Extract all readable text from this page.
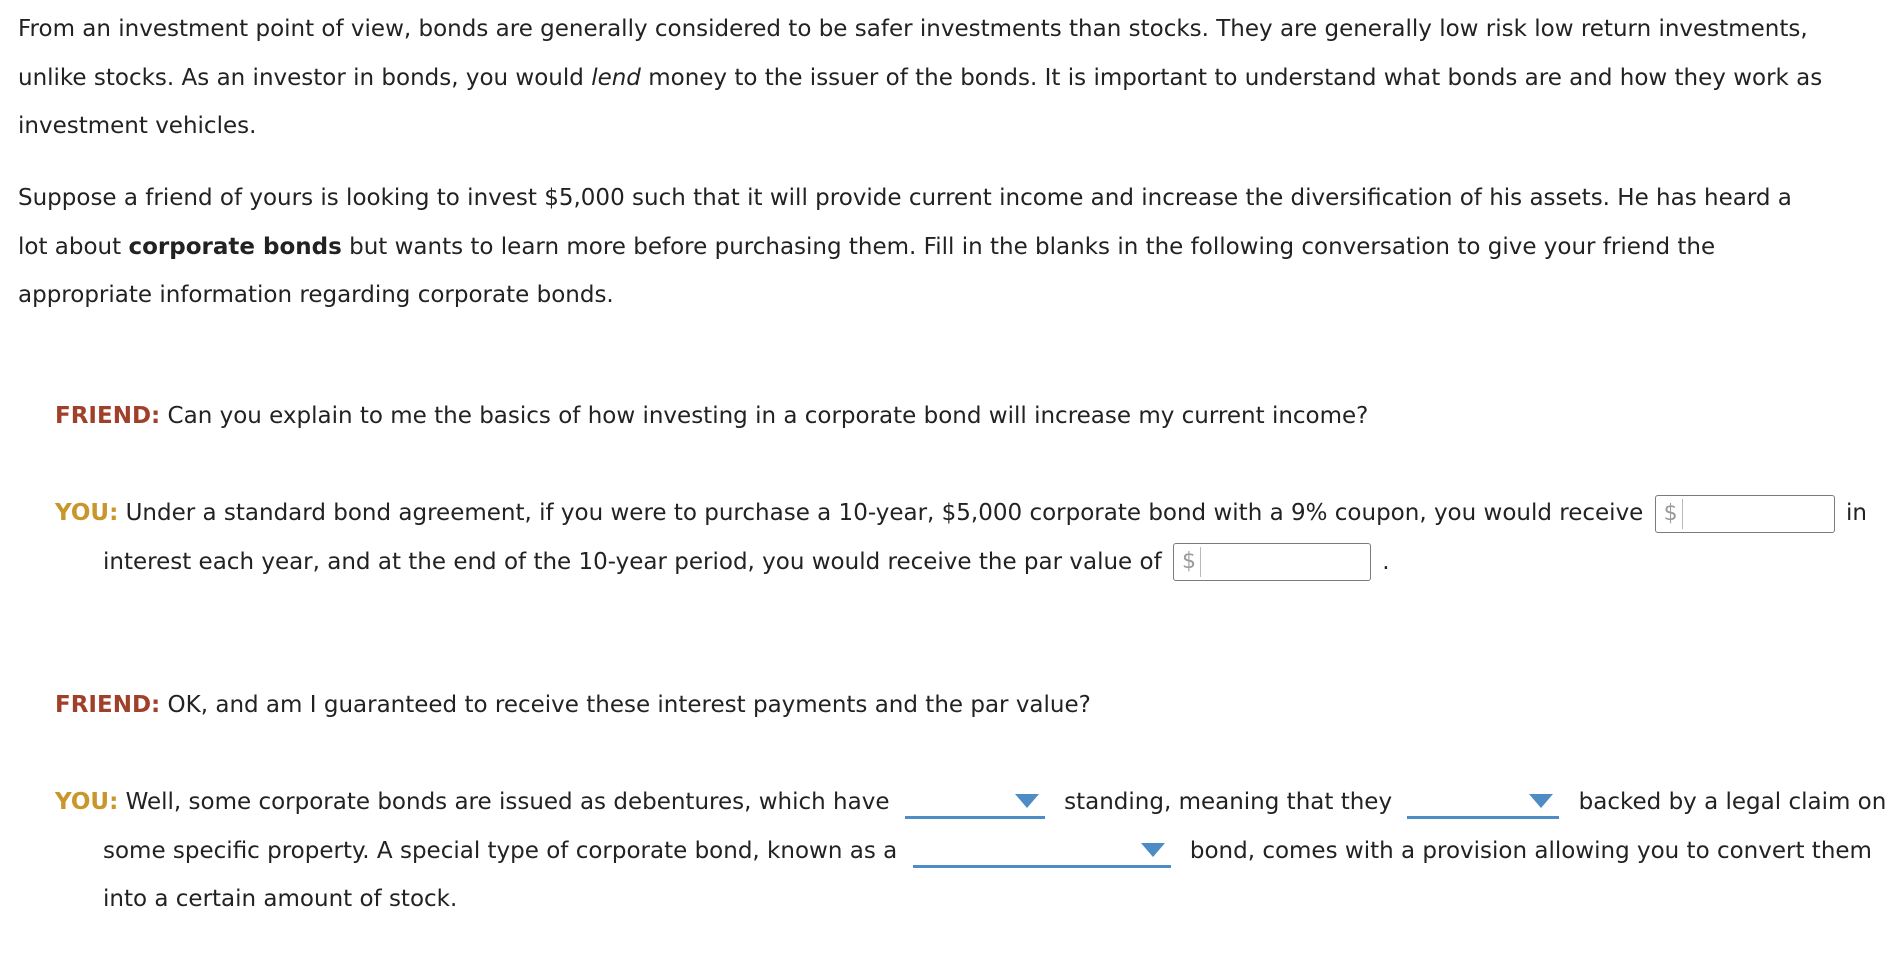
From an investment point of view, bonds are generally considered to be safer investments than stocks. They are generally low risk low return investments, unlike stocks. As an investor in bonds, you would lend money to the issuer of the bonds. It is important to understand what bonds are and how they work as investment vehicles.

Suppose a friend of yours is looking to invest $5,000 such that it will provide current income and increase the diversification of his assets. He has heard a lot about corporate bonds but wants to learn more before purchasing them. Fill in the blanks in the following conversation to give your friend the appropriate information regarding corporate bonds.

FRIEND: Can you explain to me the basics of how investing in a corporate bond will increase my current income?
YOU: Under a standard bond agreement, if you were to purchase a 10-year, $5,000 corporate bond with a 9% coupon, you would receive $	in interest each year, and at the end of the 10-year period, you would receive the par value of $	.
FRIEND: OK, and am I guaranteed to receive these interest payments and the par value?
YOU: Well, some corporate bonds are issued as debentures, which have	standing, meaning that they	backed by a legal claim on some specific property. A special type of corporate bond, known as a	bond, comes with a provision allowing you to convert them into a certain amount of stock.
